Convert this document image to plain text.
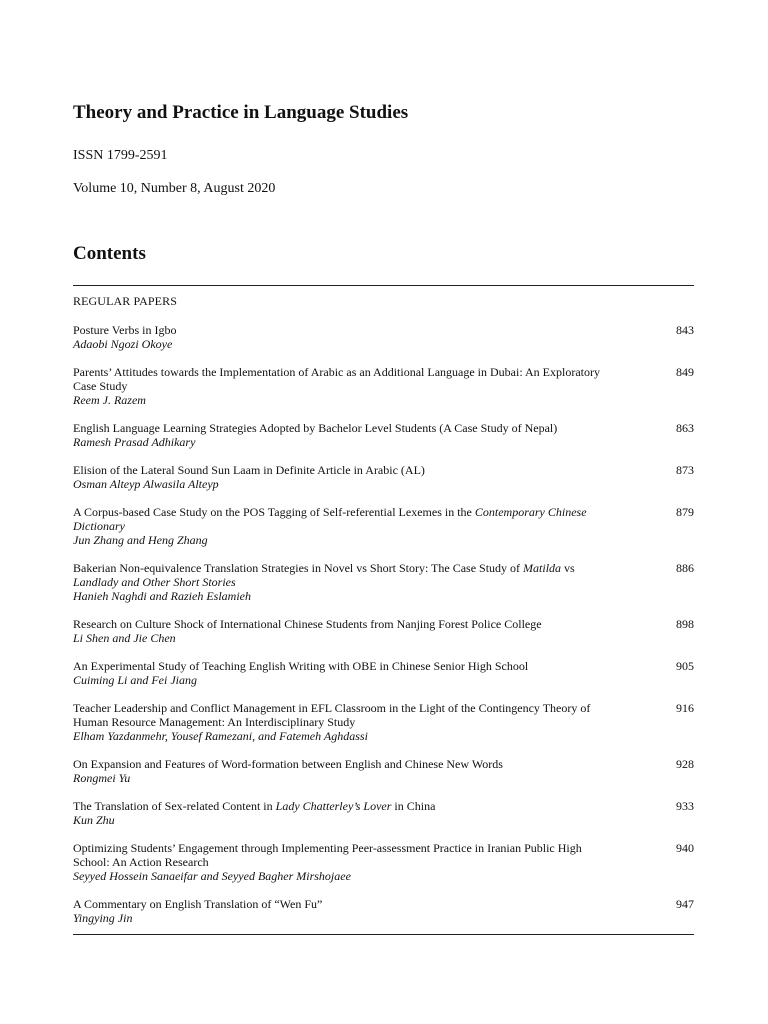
Theory and Practice in Language Studies
ISSN 1799-2591
Volume 10, Number 8, August 2020
Contents
REGULAR PAPERS
Posture Verbs in Igbo
Adaobi Ngozi Okoye
843
Parents’ Attitudes towards the Implementation of Arabic as an Additional Language in Dubai: An Exploratory Case Study
Reem J. Razem
849
English Language Learning Strategies Adopted by Bachelor Level Students (A Case Study of Nepal)
Ramesh Prasad Adhikary
863
Elision of the Lateral Sound Sun Laam in Definite Article in Arabic (AL)
Osman Alteyp Alwasila Alteyp
873
A Corpus-based Case Study on the POS Tagging of Self-referential Lexemes in the Contemporary Chinese Dictionary
Jun Zhang and Heng Zhang
879
Bakerian Non-equivalence Translation Strategies in Novel vs Short Story: The Case Study of Matilda vs Landlady and Other Short Stories
Hanieh Naghdi and Razieh Eslamieh
886
Research on Culture Shock of International Chinese Students from Nanjing Forest Police College
Li Shen and Jie Chen
898
An Experimental Study of Teaching English Writing with OBE in Chinese Senior High School
Cuiming Li and Fei Jiang
905
Teacher Leadership and Conflict Management in EFL Classroom in the Light of the Contingency Theory of Human Resource Management: An Interdisciplinary Study
Elham Yazdanmehr, Yousef Ramezani, and Fatemeh Aghdassi
916
On Expansion and Features of Word-formation between English and Chinese New Words
Rongmei Yu
928
The Translation of Sex-related Content in Lady Chatterley’s Lover in China
Kun Zhu
933
Optimizing Students’ Engagement through Implementing Peer-assessment Practice in Iranian Public High School: An Action Research
Seyyed Hossein Sanaeifar and Seyyed Bagher Mirshojaee
940
A Commentary on English Translation of “Wen Fu”
Yingying Jin
947
